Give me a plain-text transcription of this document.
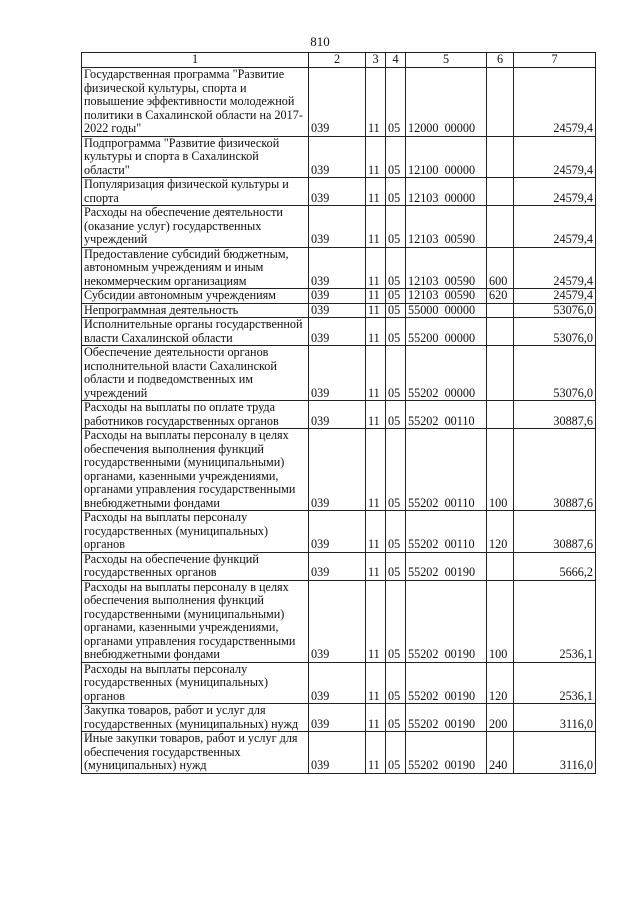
810
1	2	3	4	5	6	7
Государственная программа "Развитие физической культуры, спорта и повышение эффективности молодежной политики в Сахалинской области на 2017-2022 годы"	039	11	05	12000  00000		24579,4
Подпрограмма "Развитие физической культуры и спорта в Сахалинской области"	039	11	05	12100  00000		24579,4
Популяризация физической культуры и спорта	039	11	05	12103  00000		24579,4
Расходы на обеспечение деятельности (оказание услуг) государственных учреждений	039	11	05	12103  00590		24579,4
Предоставление субсидий бюджетным, автономным учреждениям и иным некоммерческим организациям	039	11	05	12103  00590	600	24579,4
Субсидии автономным учреждениям	039	11	05	12103  00590	620	24579,4
Непрограммная деятельность	039	11	05	55000  00000		53076,0
Исполнительные органы государственной власти Сахалинской области	039	11	05	55200  00000		53076,0
Обеспечение деятельности органов исполнительной власти Сахалинской области и подведомственных им учреждений	039	11	05	55202  00000		53076,0
Расходы на выплаты по оплате труда работников государственных органов	039	11	05	55202  00110		30887,6
Расходы на выплаты персоналу в целях обеспечения выполнения функций государственными (муниципальными) органами, казенными учреждениями, органами управления государственными внебюджетными фондами	039	11	05	55202  00110	100	30887,6
Расходы на выплаты персоналу государственных (муниципальных) органов	039	11	05	55202  00110	120	30887,6
Расходы на обеспечение функций государственных органов	039	11	05	55202  00190		5666,2
Расходы на выплаты персоналу в целях обеспечения выполнения функций государственными (муниципальными) органами, казенными учреждениями, органами управления государственными внебюджетными фондами	039	11	05	55202  00190	100	2536,1
Расходы на выплаты персоналу государственных (муниципальных) органов	039	11	05	55202  00190	120	2536,1
Закупка товаров, работ и услуг для государственных (муниципальных) нужд	039	11	05	55202  00190	200	3116,0
Иные закупки товаров, работ и услуг для обеспечения государственных (муниципальных) нужд	039	11	05	55202  00190	240	3116,0
